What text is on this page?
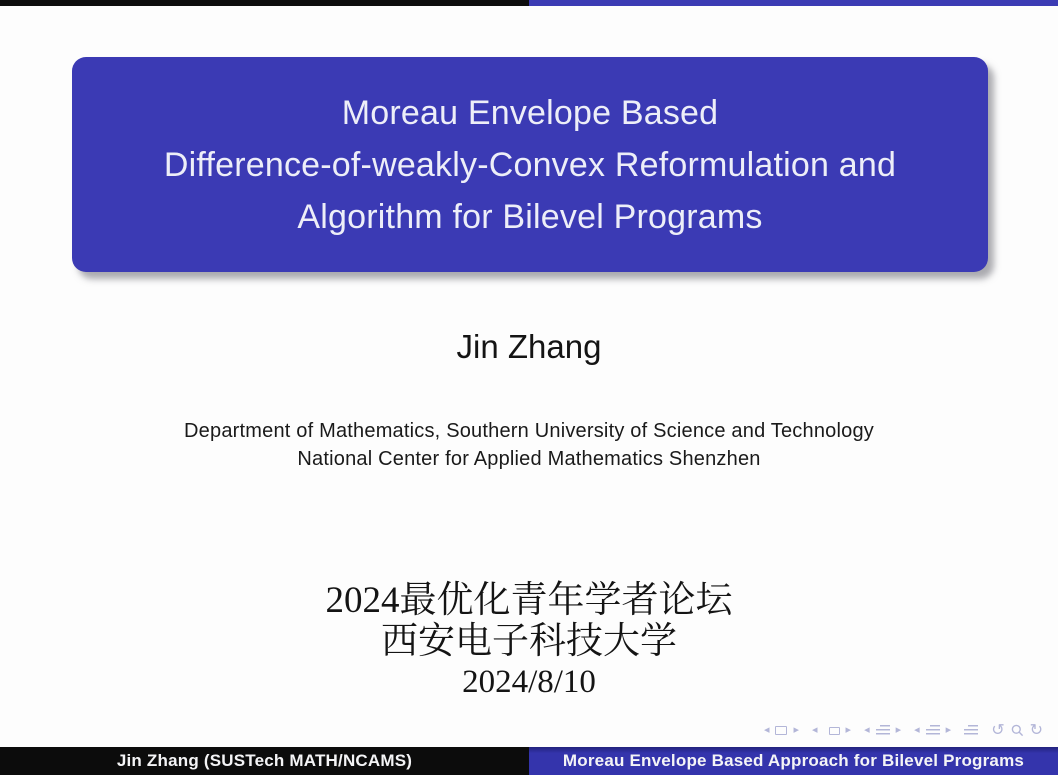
Moreau Envelope Based
Difference-of-weakly-Convex Reformulation and
Algorithm for Bilevel Programs
Jin Zhang
Department of Mathematics, Southern University of Science and Technology
National Center for Applied Mathematics Shenzhen
2024最优化青年学者论坛
西安电子科技大学
2024/8/10
◂ ▸ ◂	▸ ◂ ▸ ◂ ▸	↺ ↻
Jin Zhang (SUSTech MATH/NCAMS)	Moreau Envelope Based Approach for Bilevel Programs
